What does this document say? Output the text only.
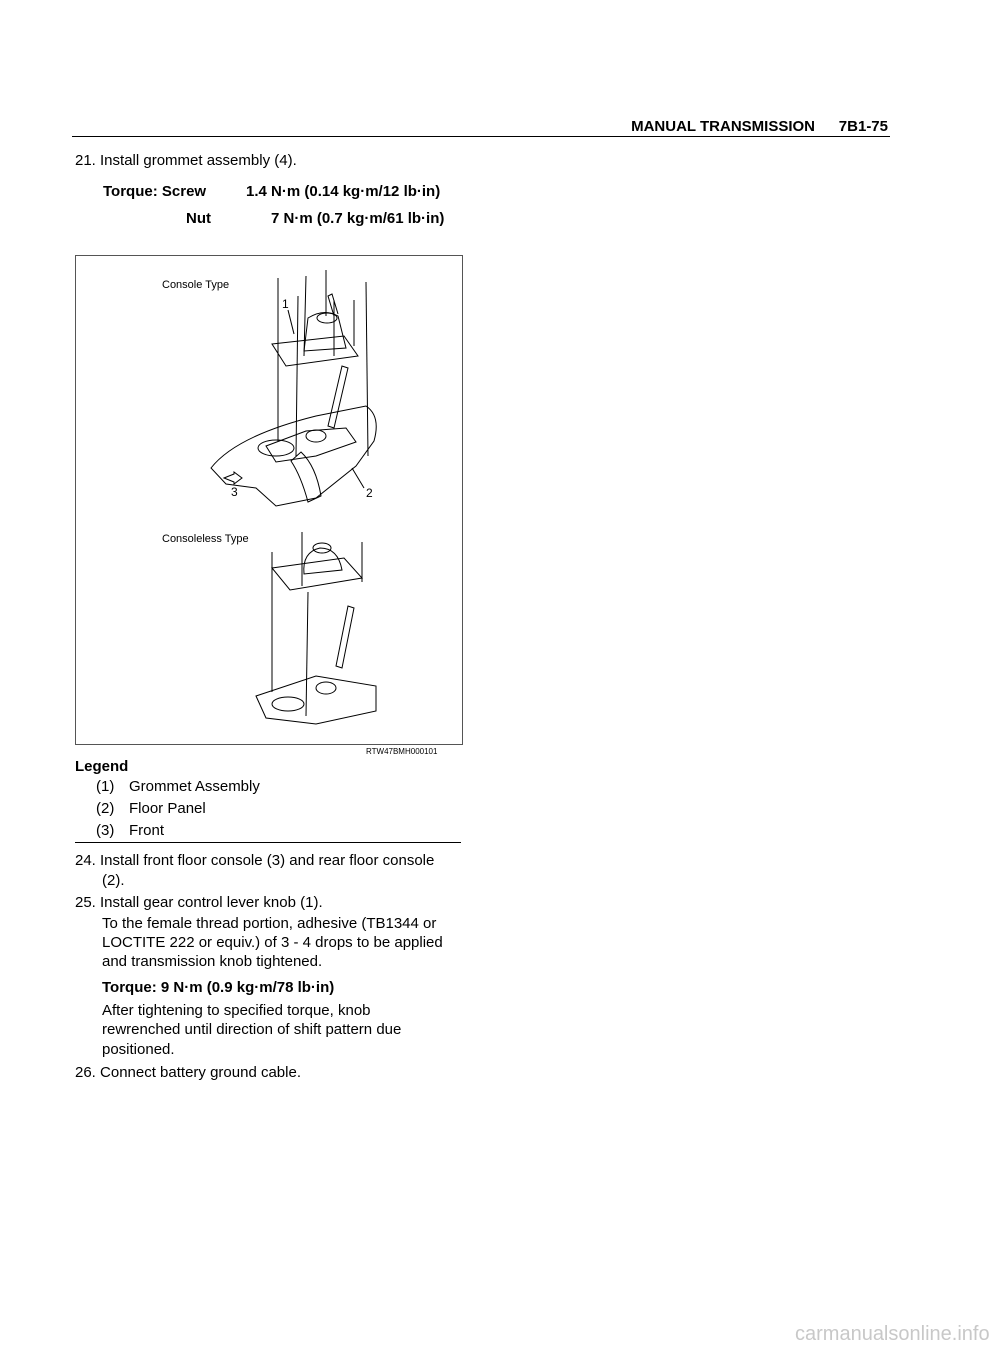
MANUAL TRANSMISSION 7B1-75
21. Install grommet assembly (4).
Torque: Screw	1.4 N·m (0.14 kg·m/12 lb·in)
Nut	7 N·m (0.7 kg·m/61 lb·in)
Console Type
Consoleless Type
1
3	2
RTW47BMH000101
Legend
(1) Grommet Assembly
(2) Floor Panel
(3) Front
24. Install front floor console (3) and rear floor console
(2).
25. Install gear control lever knob (1).
To the female thread portion, adhesive (TB1344 or
LOCTITE 222 or equiv.) of 3 - 4 drops to be applied
and transmission knob tightened.
Torque: 9 N·m (0.9 kg·m/78 lb·in)
After tightening to specified torque, knob
rewrenched until direction of shift pattern due
positioned.
26. Connect battery ground cable.
carmanualsonline.info
